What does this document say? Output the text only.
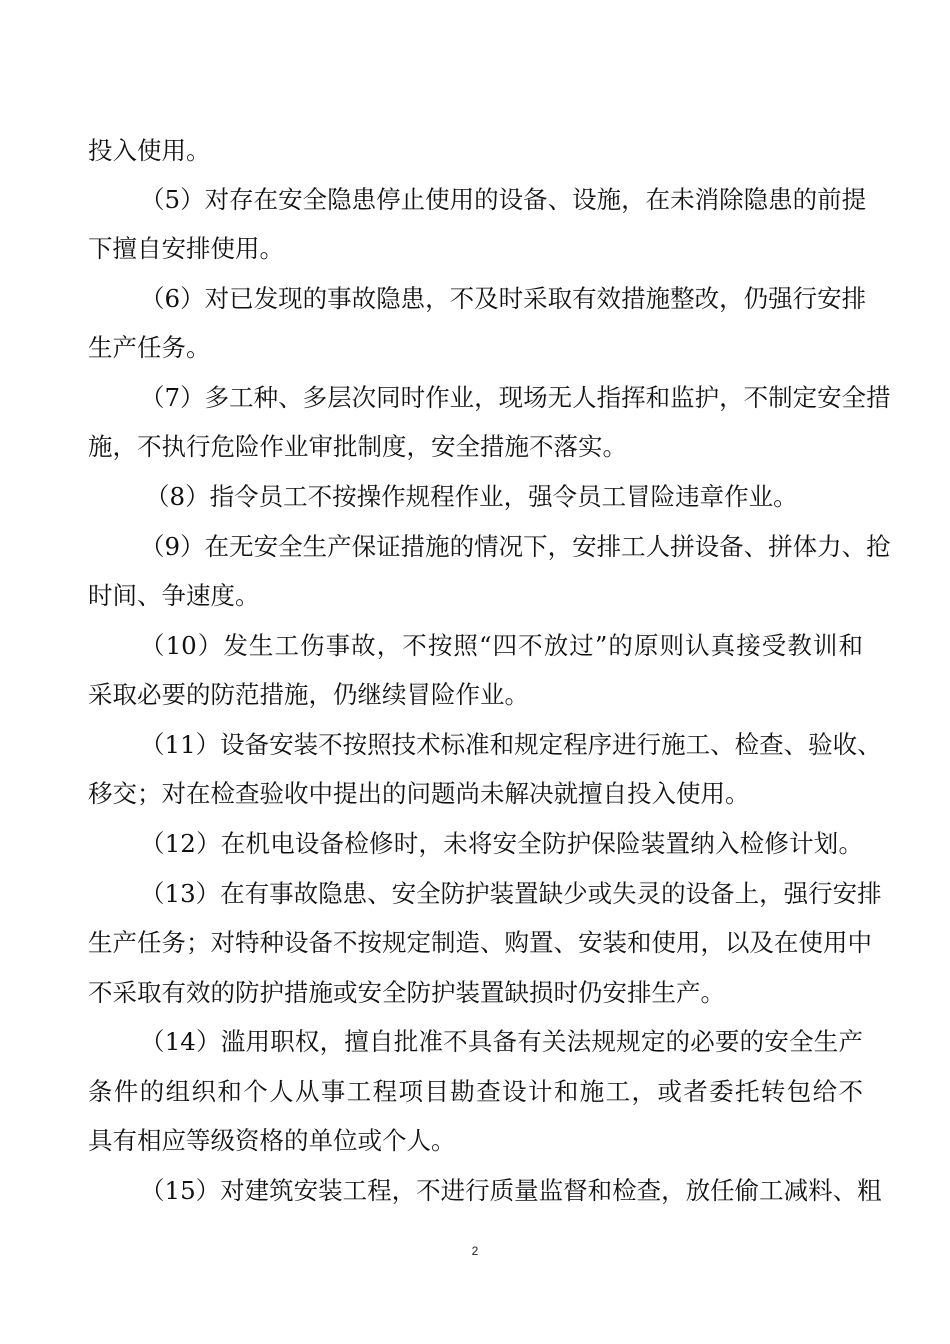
投入使用。
（5）对存在安全隐患停止使用的设备、设施，在未消除隐患的前提
下擅自安排使用。
（6）对已发现的事故隐患，不及时采取有效措施整改，仍强行安排
生产任务。
（7）多工种、多层次同时作业，现场无人指挥和监护，不制定安全措
施，不执行危险作业审批制度，安全措施不落实。
（8）指令员工不按操作规程作业，强令员工冒险违章作业。
（9）在无安全生产保证措施的情况下，安排工人拼设备、拼体力、抢
时间、争速度。
（10）发生工伤事故，不按照“四不放过”的原则认真接受教训和
采取必要的防范措施，仍继续冒险作业。
（11）设备安装不按照技术标准和规定程序进行施工、检查、验收、
移交；对在检查验收中提出的问题尚未解决就擅自投入使用。
（12）在机电设备检修时，未将安全防护保险装置纳入检修计划。
（13）在有事故隐患、安全防护装置缺少或失灵的设备上，强行安排
生产任务；对特种设备不按规定制造、购置、安装和使用，以及在使用中
不采取有效的防护措施或安全防护装置缺损时仍安排生产。
（14）滥用职权，擅自批准不具备有关法规规定的必要的安全生产
条件的组织和个人从事工程项目勘查设计和施工，或者委托转包给不
具有相应等级资格的单位或个人。
（15）对建筑安装工程，不进行质量监督和检查，放任偷工减料、粗
2
